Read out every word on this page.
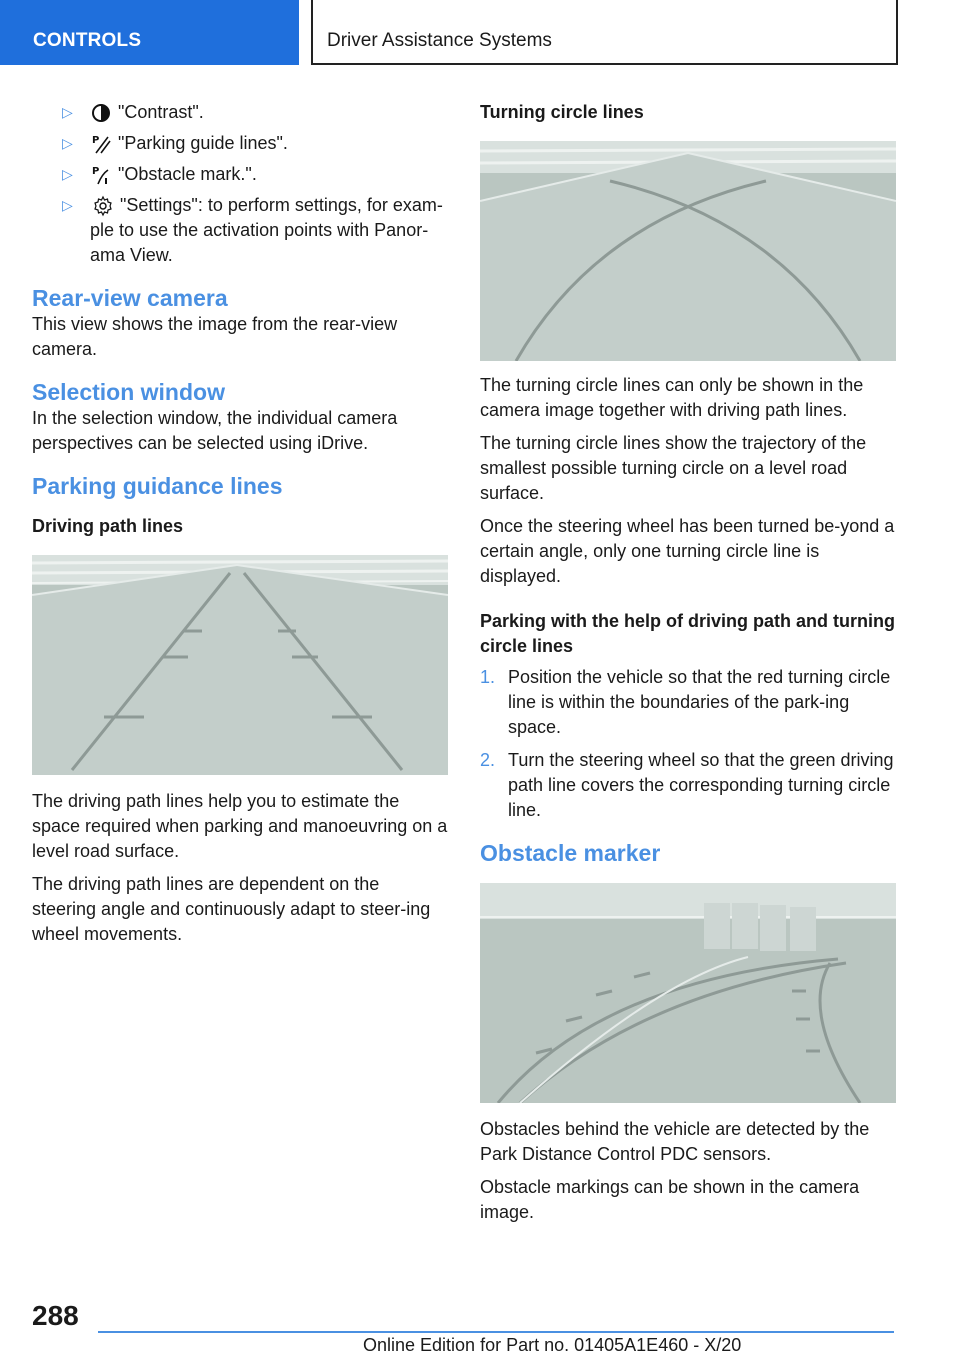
CONTROLS	Driver Assistance Systems
▷	"Contrast".
▷ P	"Parking guide lines".
▷ P	"Obstacle mark.".
▷	"Settings": to perform settings, for exam-ple to use the activation points with Panor-ama View.
Rear-view camera

This view shows the image from the rear-view camera.

Selection window

In the selection window, the individual camera perspectives can be selected using iDrive.

Parking guidance lines

Driving path lines

The driving path lines help you to estimate the space required when parking and manoeuvring on a level road surface.

The driving path lines are dependent on the steering angle and continuously adapt to steer-ing wheel movements.

Turning circle lines

The turning circle lines can only be shown in the camera image together with driving path lines.

The turning circle lines show the trajectory of the smallest possible turning circle on a level road surface.

Once the steering wheel has been turned be-yond a certain angle, only one turning circle line is displayed.

Parking with the help of driving path and turning circle lines

1. Position the vehicle so that the red turning circle line is within the boundaries of the park-ing space.
2. Turn the steering wheel so that the green driving path line covers the corresponding turning circle line.
Obstacle marker

Obstacles behind the vehicle are detected by the Park Distance Control PDC sensors.

Obstacle markings can be shown in the camera image.

288
Online Edition for Part no. 01405A1E460 - X/20
